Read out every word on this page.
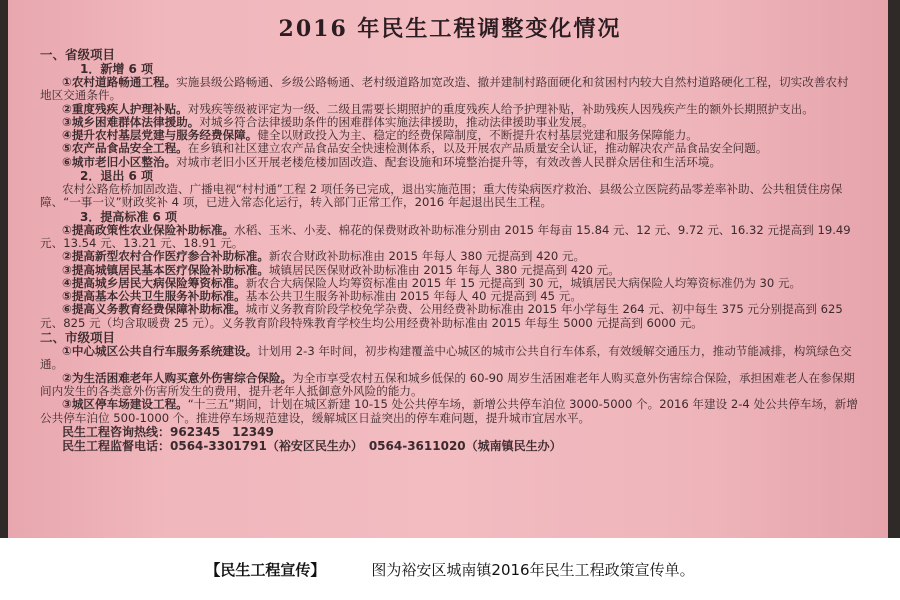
2016 年民生工程调整变化情况

一、省级项目

1．新增 6 项

①农村道路畅通工程。实施县级公路畅通、乡级公路畅通、老村级道路加宽改造、撤并建制村路面硬化和贫困村内较大自然村道路硬化工程，切实改善农村地区交通条件。

②重度残疾人护理补贴。对残疾等级被评定为一级、二级且需要长期照护的重度残疾人给予护理补贴，补助残疾人因残疾产生的额外长期照护支出。

③城乡困难群体法律援助。对城乡符合法律援助条件的困难群体实施法律援助，推动法律援助事业发展。

④提升农村基层党建与服务经费保障。健全以财政投入为主、稳定的经费保障制度，不断提升农村基层党建和服务保障能力。

⑤农产品食品安全工程。在乡镇和社区建立农产品食品安全快速检测体系，以及开展农产品质量安全认证，推动解决农产品食品安全问题。

⑥城市老旧小区整治。对城市老旧小区开展老楼危楼加固改造、配套设施和环境整治提升等，有效改善人民群众居住和生活环境。

2．退出 6 项

农村公路危桥加固改造、广播电视“村村通”工程 2 项任务已完成，退出实施范围；重大传染病医疗救治、县级公立医院药品零差率补助、公共租赁住房保障、“一事一议”财政奖补 4 项，已进入常态化运行，转入部门正常工作，2016 年起退出民生工程。

3．提高标准 6 项

①提高政策性农业保险补助标准。水稻、玉米、小麦、棉花的保费财政补助标准分别由 2015 年每亩 15.84 元、12 元、9.72 元、16.32 元提高到 19.49 元、13.54 元、13.21 元、18.91 元。

②提高新型农村合作医疗参合补助标准。新农合财政补助标准由 2015 年每人 380 元提高到 420 元。

③提高城镇居民基本医疗保险补助标准。城镇居民医保财政补助标准由 2015 年每人 380 元提高到 420 元。

④提高城乡居民大病保险筹资标准。新农合大病保险人均筹资标准由 2015 年 15 元提高到 30 元，城镇居民大病保险人均筹资标准仍为 30 元。

⑤提高基本公共卫生服务补助标准。基本公共卫生服务补助标准由 2015 年每人 40 元提高到 45 元。

⑥提高义务教育经费保障补助标准。城市义务教育阶段学校免学杂费、公用经费补助标准由 2015 年小学每生 264 元、初中每生 375 元分别提高到 625 元、825 元（均含取暖费 25 元）。义务教育阶段特殊教育学校生均公用经费补助标准由 2015 年每生 5000 元提高到 6000 元。

二、市级项目

①中心城区公共自行车服务系统建设。计划用 2-3 年时间，初步构建覆盖中心城区的城市公共自行车体系，有效缓解交通压力，推动节能减排，构筑绿色交通。

②为生活困难老年人购买意外伤害综合保险。为全市享受农村五保和城乡低保的 60-90 周岁生活困难老年人购买意外伤害综合保险，承担困难老人在参保期间内发生的各类意外伤害所发生的费用，提升老年人抵御意外风险的能力。

③城区停车场建设工程。“十三五”期间，计划在城区新建 10-15 处公共停车场，新增公共停车泊位 3000-5000 个。2016 年建设 2-4 处公共停车场，新增公共停车泊位 500-1000 个。推进停车场规范建设，缓解城区日益突出的停车难问题，提升城市宜居水平。

民生工程咨询热线：962345　12349

民生工程监督电话：0564-3301791（裕安区民生办）　0564-3611020（城南镇民生办）

【民生工程宣传】	图为裕安区城南镇2016年民生工程政策宣传单。
